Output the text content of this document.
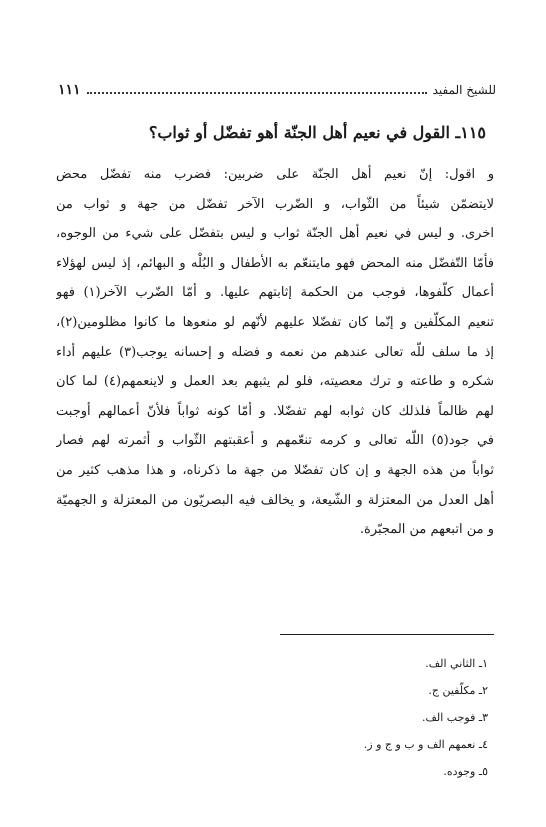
للشيخ المفيد
١١١
١١٥ـ القول في نعيم أهل الجنّة أهو تفضّل أو ثواب؟
و اقول: إنّ نعيم أهل الجنّة على ضربين: فضرب منه تفضّل محض
لايتضمّن شيئاً من الثّواب، و الضّرب الآخر تفضّل من جهة و ثواب من
اخرى. و ليس في نعيم أهل الجنّة ثواب و ليس بتفضّل على شيء من الوجوه،
فأمّا التّفضّل منه المحض فهو مايتنعّم به الأطفال و البُلْه و البهائم، إذ ليس لهؤلاء
أعمال كلّفوها، فوجب من الحكمة إثابتهم عليها. و أمّا الضّرب الآخر(١) فهو
تنعيم المكلّفين و إنّما كان تفضّلا عليهم لأنّهم لو منعوها ما كانوا مظلومين(٢)،
إذ ما سلف للّه تعالى عندهم من نعمه و فضله و إحسانه يوجب(٣) عليهم أداء
شكره و طاعته و ترك معصيته، فلو لم يثبهم بعد العمل و لاينعمهم(٤) لما كان
لهم ظالماً فلذلك كان ثوابه لهم تفضّلا. و أمّا كونه ثواباً فلأنّ أعمالهم أوجبت
في جود(٥) اللّه تعالى و كرمه تنعّمهم و أعقبتهم الثّواب و أثمرته لهم فصار
ثواباً من هذه الجهة و إن كان تفضّلا من جهة ما ذكرناه، و هذا مذهب كثير من
أهل العدل من المعتزلة و الشّيعة، و يخالف فيه البصريّون من المعتزلة و الجهميّة
و من اتبعهم من المجبّرة.
١ـ الثاني الف.
٢ـ مكلّفين ج.
٣ـ فوجب الف.
٤ـ نعمهم الف و ب و ج و ز.
٥ـ وجوده.
